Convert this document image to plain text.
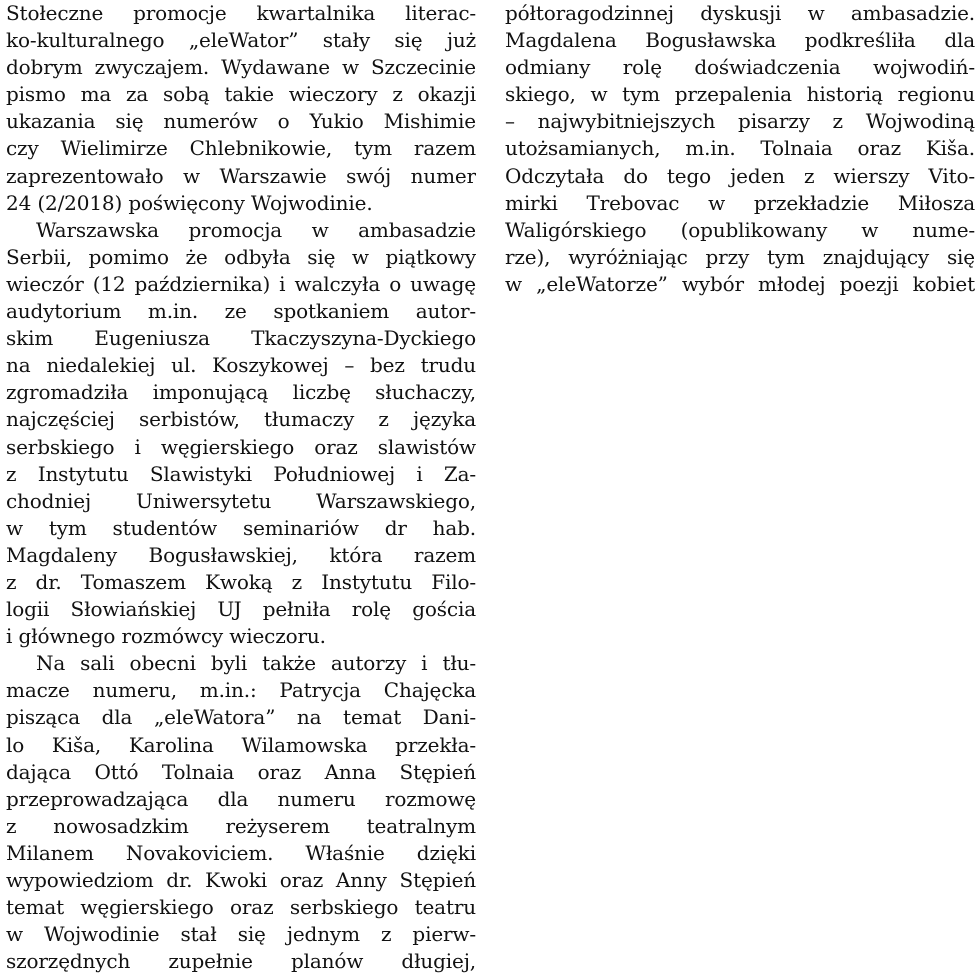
Stołeczne promocje kwartalnika literac-
ko-kulturalnego „eleWator” stały się już
dobrym zwyczajem. Wydawane w Szczecinie
pismo ma za sobą takie wieczory z okazji
ukazania się numerów o Yukio Mishimie
czy Wielimirze Chlebnikowie, tym razem
zaprezentowało w Warszawie swój numer
24 (2/2018) poświęcony Wojwodinie.
Warszawska promocja w ambasadzie
Serbii, pomimo że odbyła się w piątkowy
wieczór (12 października) i walczyła o uwagę
audytorium m.in. ze spotkaniem autor-
skim Eugeniusza Tkaczyszyna-Dyckiego
na niedalekiej ul. Koszykowej – bez trudu
zgromadziła imponującą liczbę słuchaczy,
najczęściej serbistów, tłumaczy z języka
serbskiego i węgierskiego oraz slawistów
z Instytutu Slawistyki Południowej i Za-
chodniej Uniwersytetu Warszawskiego,
w tym studentów seminariów dr hab.
Magdaleny Bogusławskiej, która razem
z dr. Tomaszem Kwoką z Instytutu Filo-
logii Słowiańskiej UJ pełniła rolę gościa
i głównego rozmówcy wieczoru.
Na sali obecni byli także autorzy i tłu-
macze numeru, m.in.: Patrycja Chajęcka
pisząca dla „eleWatora” na temat Dani-
lo Kiša, Karolina Wilamowska przekła-
dająca Ottó Tolnaia oraz Anna Stępień
przeprowadzająca dla numeru rozmowę
z nowosadzkim reżyserem teatralnym
Milanem Novakoviciem. Właśnie dzięki
wypowiedziom dr. Kwoki oraz Anny Stępień
temat węgierskiego oraz serbskiego teatru
w Wojwodinie stał się jednym z pierw-
szorzędnych zupełnie planów długiej,
półtoragodzinnej dyskusji w ambasadzie.
Magdalena Bogusławska podkreśliła dla
odmiany rolę doświadczenia wojwodiń-
skiego, w tym przepalenia historią regionu
– najwybitniejszych pisarzy z Wojwodiną
utożsamianych, m.in. Tolnaia oraz Kiša.
Odczytała do tego jeden z wierszy Vito-
mirki Trebovac w przekładzie Miłosza
Waligórskiego (opublikowany w nume-
rze), wyróżniając przy tym znajdujący się
w „eleWatorze” wybór młodej poezji kobiet
